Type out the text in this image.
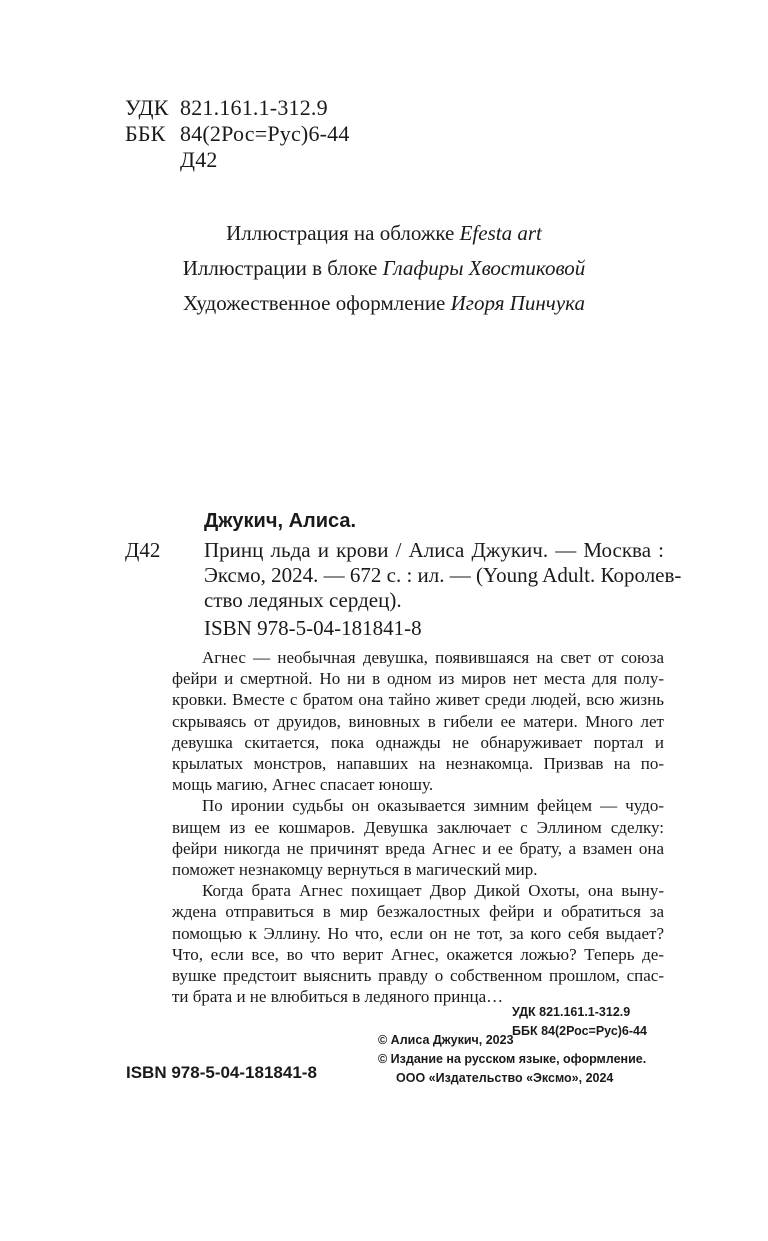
УДК 821.161.1-312.9
ББК 84(2Рос=Рус)6-44
Д42
Иллюстрация на обложке Efesta art
Иллюстрации в блоке Глафиры Хвостиковой
Художественное оформление Игоря Пинчука
Джукич, Алиса.
Д42 Принц льда и крови / Алиса Джукич. — Москва :
Эксмо, 2024. — 672 с. : ил. — (Young Adult. Королев-
ство ледяных сердец).
ISBN 978-5-04-181841-8
Агнес — необычная девушка, появившаяся на свет от союза
фейри и смертной. Но ни в одном из миров нет места для полу-
кровки. Вместе с братом она тайно живет среди людей, всю жизнь
скрываясь от друидов, виновных в гибели ее матери. Много лет
девушка скитается, пока однажды не обнаруживает портал и
крылатых монстров, напавших на незнакомца. Призвав на по-
мощь магию, Агнес спасает юношу.
По иронии судьбы он оказывается зимним фейцем — чудо-
вищем из ее кошмаров. Девушка заключает с Эллином сделку:
фейри никогда не причинят вреда Агнес и ее брату, а взамен она
поможет незнакомцу вернуться в магический мир.
Когда брата Агнес похищает Двор Дикой Охоты, она выну-
ждена отправиться в мир безжалостных фейри и обратиться за
помощью к Эллину. Но что, если он не тот, за кого себя выдает?
Что, если все, во что верит Агнес, окажется ложью? Теперь де-
вушке предстоит выяснить правду о собственном прошлом, спас-
ти брата и не влюбиться в ледяного принца…
УДК 821.161.1-312.9
ББК 84(2Рос=Рус)6-44
ISBN 978-5-04-181841-8
© Алиса Джукич, 2023
© Издание на русском языке, оформление.
ООО «Издательство «Эксмо», 2024
